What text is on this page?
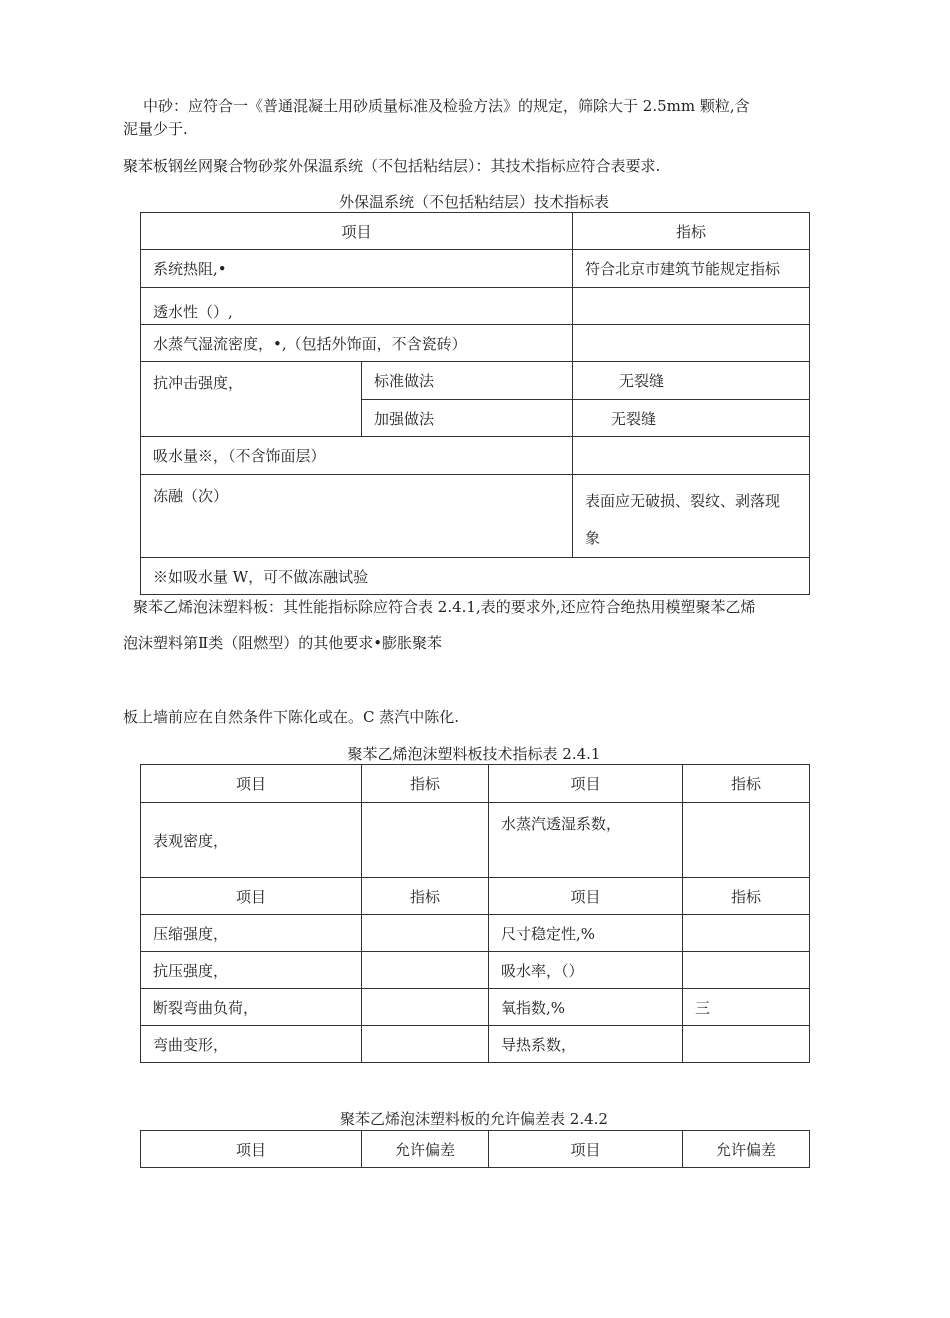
中砂：应符合一《普通混凝土用砂质量标准及检验方法》的规定，筛除大于 2.5mm 颗粒,含
泥量少于.
聚苯板钢丝网聚合物砂浆外保温系统（不包括粘结层）：其技术指标应符合表要求.
外保温系统（不包括粘结层）技术指标表
项目		指标
系统热阻,•		符合北京市建筑节能规定指标
透水性（）,		
水蒸气湿流密度，•,（包括外饰面，不含瓷砖）		
抗冲击强度，	标准做法	无裂缝
	加强做法	无裂缝
吸水量※，（不含饰面层）		
冻融（次）		表面应无破损、裂纹、剥落现
象

※如吸水量 W，可不做冻融试验		
聚苯乙烯泡沫塑料板：其性能指标除应符合表 2.4.1,表的要求外,还应符合绝热用模塑聚苯乙烯
泡沫塑料第Ⅱ类（阻燃型）的其他要求•膨胀聚苯
板上墙前应在自然条件下陈化或在。C 蒸汽中陈化.
聚苯乙烯泡沫塑料板技术指标表 2.4.1
项目	指标	项目	指标
表观密度，		水蒸汽透湿系数，	
项目	指标	项目	指标
压缩强度，		尺寸稳定性,%	
抗压强度，		吸水率，（）	
断裂弯曲负荷，		氧指数,%	三
弯曲变形，		导热系数，	
聚苯乙烯泡沫塑料板的允许偏差表 2.4.2
项目	允许偏差	项目	允许偏差
